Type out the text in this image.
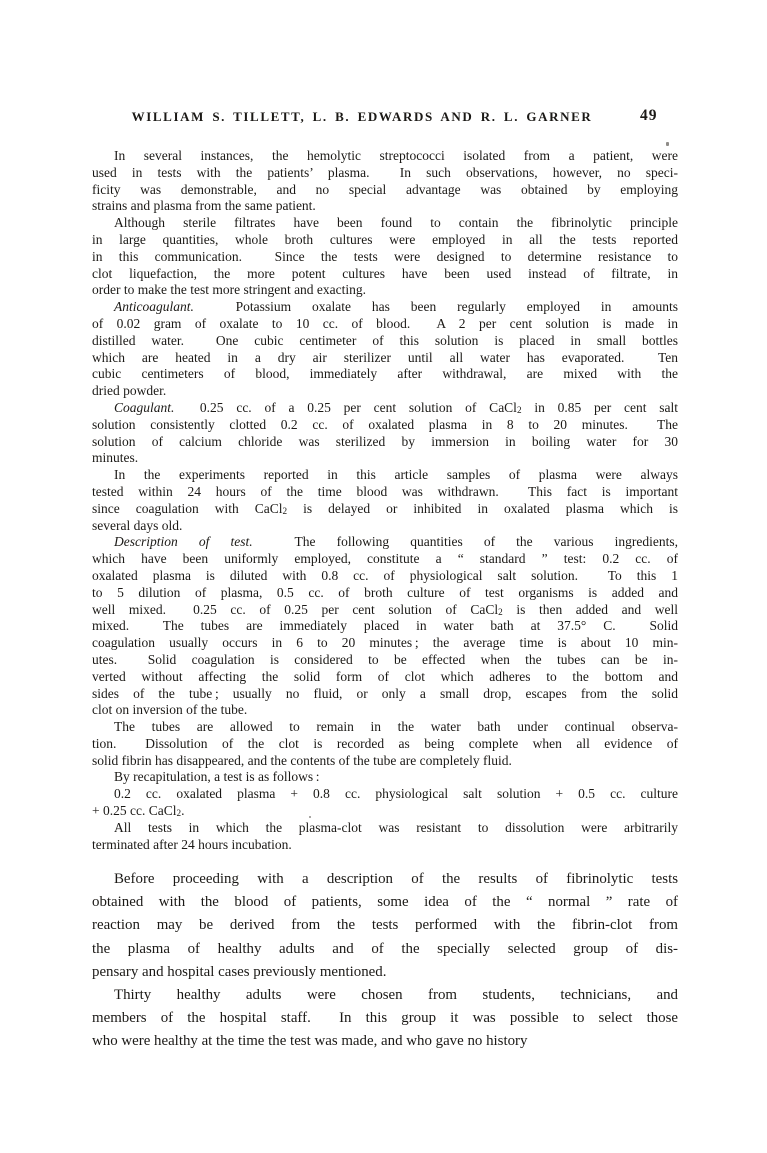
WILLIAM S. TILLETT, L. B. EDWARDS AND R. L. GARNER	49
In several instances, the hemolytic streptococci isolated from a patient, were
used in tests with the patients’ plasma.  In such observations, however, no speci-
ficity was demonstrable, and no special advantage was obtained by employing
strains and plasma from the same patient.
Although sterile filtrates have been found to contain the fibrinolytic principle
in large quantities, whole broth cultures were employed in all the tests reported
in this communication.  Since the tests were designed to determine resistance to
clot liquefaction, the more potent cultures have been used instead of filtrate, in
order to make the test more stringent and exacting.
Anticoagulant.  Potassium oxalate has been regularly employed in amounts
of 0.02 gram of oxalate to 10 cc. of blood.  A 2 per cent solution is made in
distilled water.  One cubic centimeter of this solution is placed in small bottles
which are heated in a dry air sterilizer until all water has evaporated.  Ten
cubic centimeters of blood, immediately after withdrawal, are mixed with the
dried powder.
Coagulant.  0.25 cc. of a 0.25 per cent solution of CaCl$_2$ in 0.85 per cent salt
solution consistently clotted 0.2 cc. of oxalated plasma in 8 to 20 minutes.  The
solution of calcium chloride was sterilized by immersion in boiling water for 30
minutes.
In the experiments reported in this article samples of plasma were always
tested within 24 hours of the time blood was withdrawn.  This fact is important
since coagulation with CaCl$_2$ is delayed or inhibited in oxalated plasma which is
several days old.
Description of test.  The following quantities of the various ingredients,
which have been uniformly employed, constitute a “ standard ” test: 0.2 cc. of
oxalated plasma is diluted with 0.8 cc. of physiological salt solution.  To this 1
to 5 dilution of plasma, 0.5 cc. of broth culture of test organisms is added and
well mixed.  0.25 cc. of 0.25 per cent solution of CaCl$_2$ is then added and well
mixed.  The tubes are immediately placed in water bath at 37.5° C.  Solid
coagulation usually occurs in 6 to 20 minutes ; the average time is about 10 min-
utes.  Solid coagulation is considered to be effected when the tubes can be in-
verted without affecting the solid form of clot which adheres to the bottom and
sides of the tube ; usually no fluid, or only a small drop, escapes from the solid
clot on inversion of the tube.
The tubes are allowed to remain in the water bath under continual observa-
tion.  Dissolution of the clot is recorded as being complete when all evidence of
solid fibrin has disappeared, and the contents of the tube are completely fluid.
By recapitulation, a test is as follows :
0.2 cc. oxalated plasma + 0.8 cc. physiological salt solution + 0.5 cc. culture
+ 0.25 cc. CaCl$_2$.
All tests in which the plasma-clot was resistant to dissolution were arbitrarily
terminated after 24 hours incubation.
Before proceeding with a description of the results of fibrinolytic tests
obtained with the blood of patients, some idea of the “ normal ” rate of
reaction may be derived from the tests performed with the fibrin-clot from
the plasma of healthy adults and of the specially selected group of dis-
pensary and hospital cases previously mentioned.
Thirty healthy adults were chosen from students, technicians, and
members of the hospital staff.  In this group it was possible to select those
who were healthy at the time the test was made, and who gave no history
